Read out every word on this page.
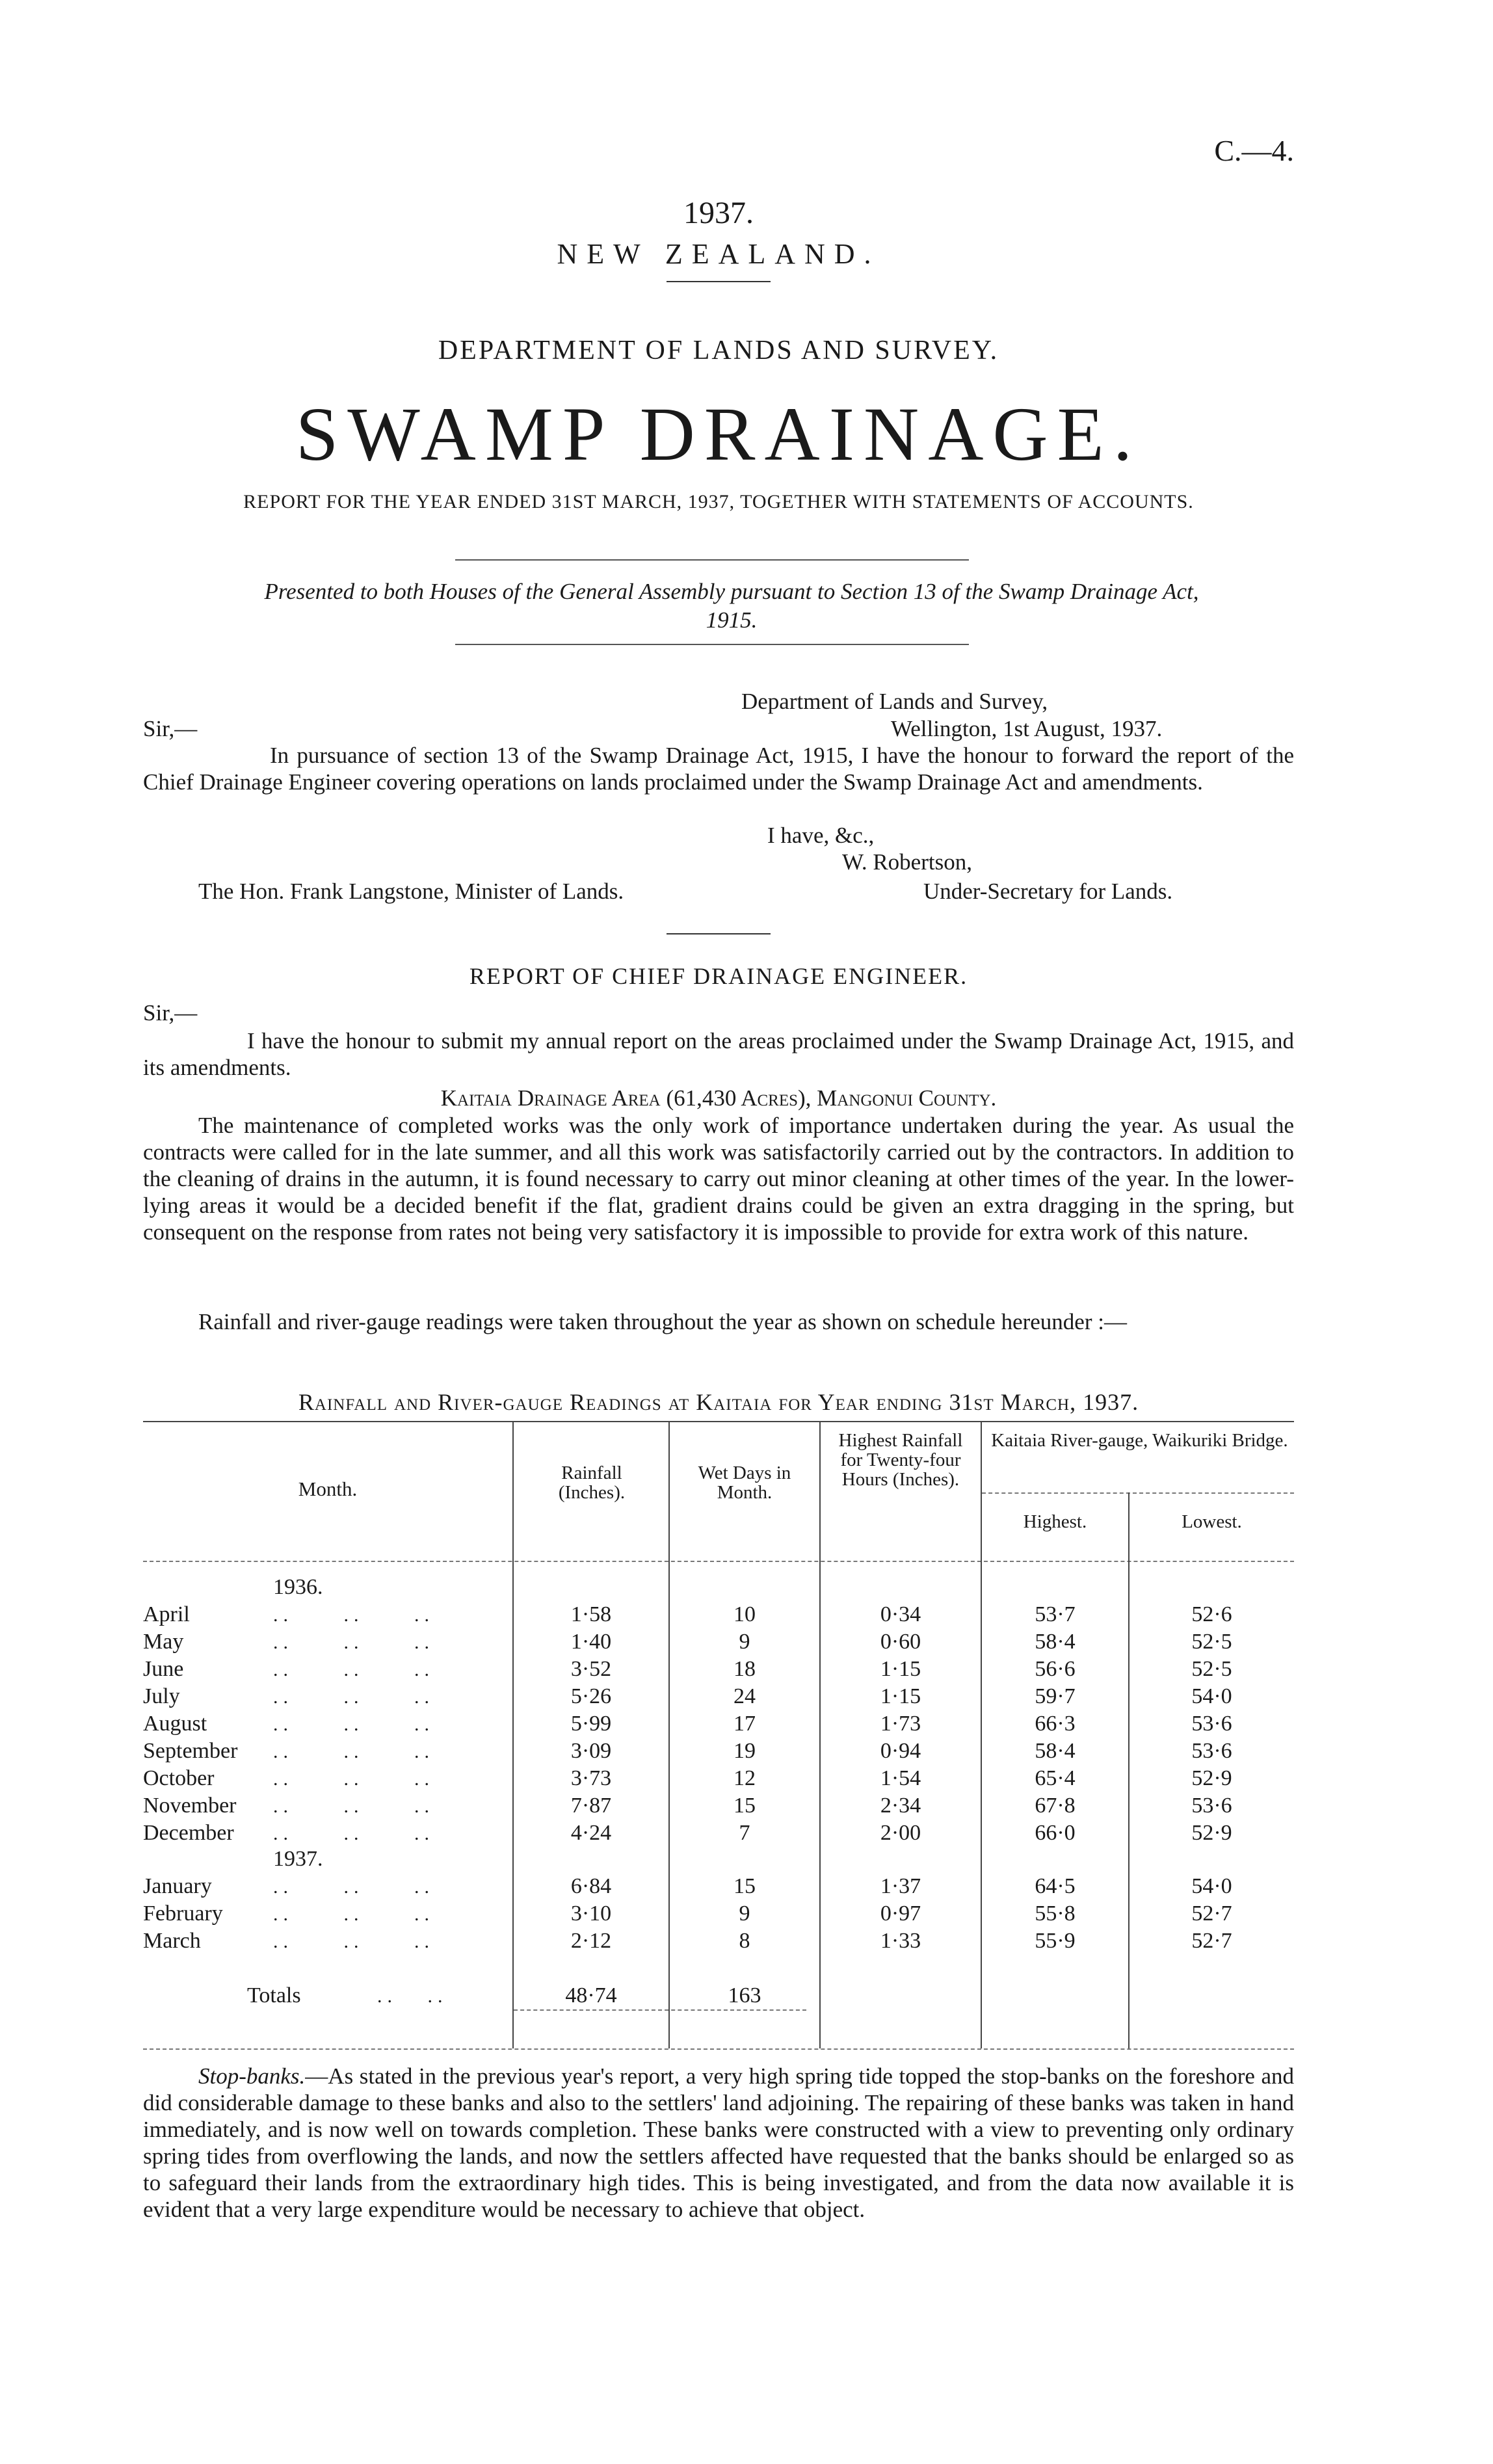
C.—4.
1937.
NEW ZEALAND.
DEPARTMENT OF LANDS AND SURVEY.
SWAMP DRAINAGE.
REPORT FOR THE YEAR ENDED 31ST MARCH, 1937, TOGETHER WITH STATEMENTS OF ACCOUNTS.
Presented to both Houses of the General Assembly pursuant to Section 13 of the Swamp Drainage Act, 1915.
Department of Lands and Survey,
Sir,—	Wellington, 1st August, 1937.
In pursuance of section 13 of the Swamp Drainage Act, 1915, I have the honour to forward the report of the Chief Drainage Engineer covering operations on lands proclaimed under the Swamp Drainage Act and amendments.
I have, &c.,
W. Robertson,
The Hon. Frank Langstone, Minister of Lands.	Under-Secretary for Lands.
REPORT OF CHIEF DRAINAGE ENGINEER.
Sir,—
I have the honour to submit my annual report on the areas proclaimed under the Swamp Drainage Act, 1915, and its amendments.
Kaitaia Drainage Area (61,430 Acres), Mangonui County.
The maintenance of completed works was the only work of importance undertaken during the year. As usual the contracts were called for in the late summer, and all this work was satisfactorily carried out by the contractors. In addition to the cleaning of drains in the autumn, it is found necessary to carry out minor cleaning at other times of the year. In the lower-lying areas it would be a decided benefit if the flat, gradient drains could be given an extra dragging in the spring, but consequent on the response from rates not being very satisfactory it is impossible to provide for extra work of this nature.
Rainfall and river-gauge readings were taken throughout the year as shown on schedule hereunder :—
Rainfall and River-gauge Readings at Kaitaia for Year ending 31st March, 1937.
Month.
Rainfall (Inches).
Wet Days in Month.
Highest Rainfall for Twenty-four Hours (Inches).
Kaitaia River-gauge, Waikuriki Bridge.
Highest.	Lowest.
1936.
1937.
April	..     ..     ..	1·58	10	0·34	53·7	52·6
May	..     ..     ..	1·40	9	0·60	58·4	52·5
June	..     ..     ..	3·52	18	1·15	56·6	52·5
July	..     ..     ..	5·26	24	1·15	59·7	54·0
August	..     ..     ..	5·99	17	1·73	66·3	53·6
September ..     ..     ..	3·09	19	0·94	58·4	53·6
October	..     ..     ..	3·73	12	1·54	65·4	52·9
November ..     ..     ..	7·87	15	2·34	67·8	53·6
December ..     ..     ..	4·24	7	2·00	66·0	52·9
January	..     ..     ..	6·84	15	1·37	64·5	54·0
February	..     ..     ..	3·10	9	0·97	55·8	52·7
March	..     ..     ..	2·12	8	1·33	55·9	52·7
Totals	..   ..	48·74	163
Stop-banks.—As stated in the previous year's report, a very high spring tide topped the stop-banks on the foreshore and did considerable damage to these banks and also to the settlers' land adjoining. The repairing of these banks was taken in hand immediately, and is now well on towards completion. These banks were constructed with a view to preventing only ordinary spring tides from overflowing the lands, and now the settlers affected have requested that the banks should be enlarged so as to safeguard their lands from the extraordinary high tides. This is being investigated, and from the data now available it is evident that a very large expenditure would be necessary to achieve that object.
